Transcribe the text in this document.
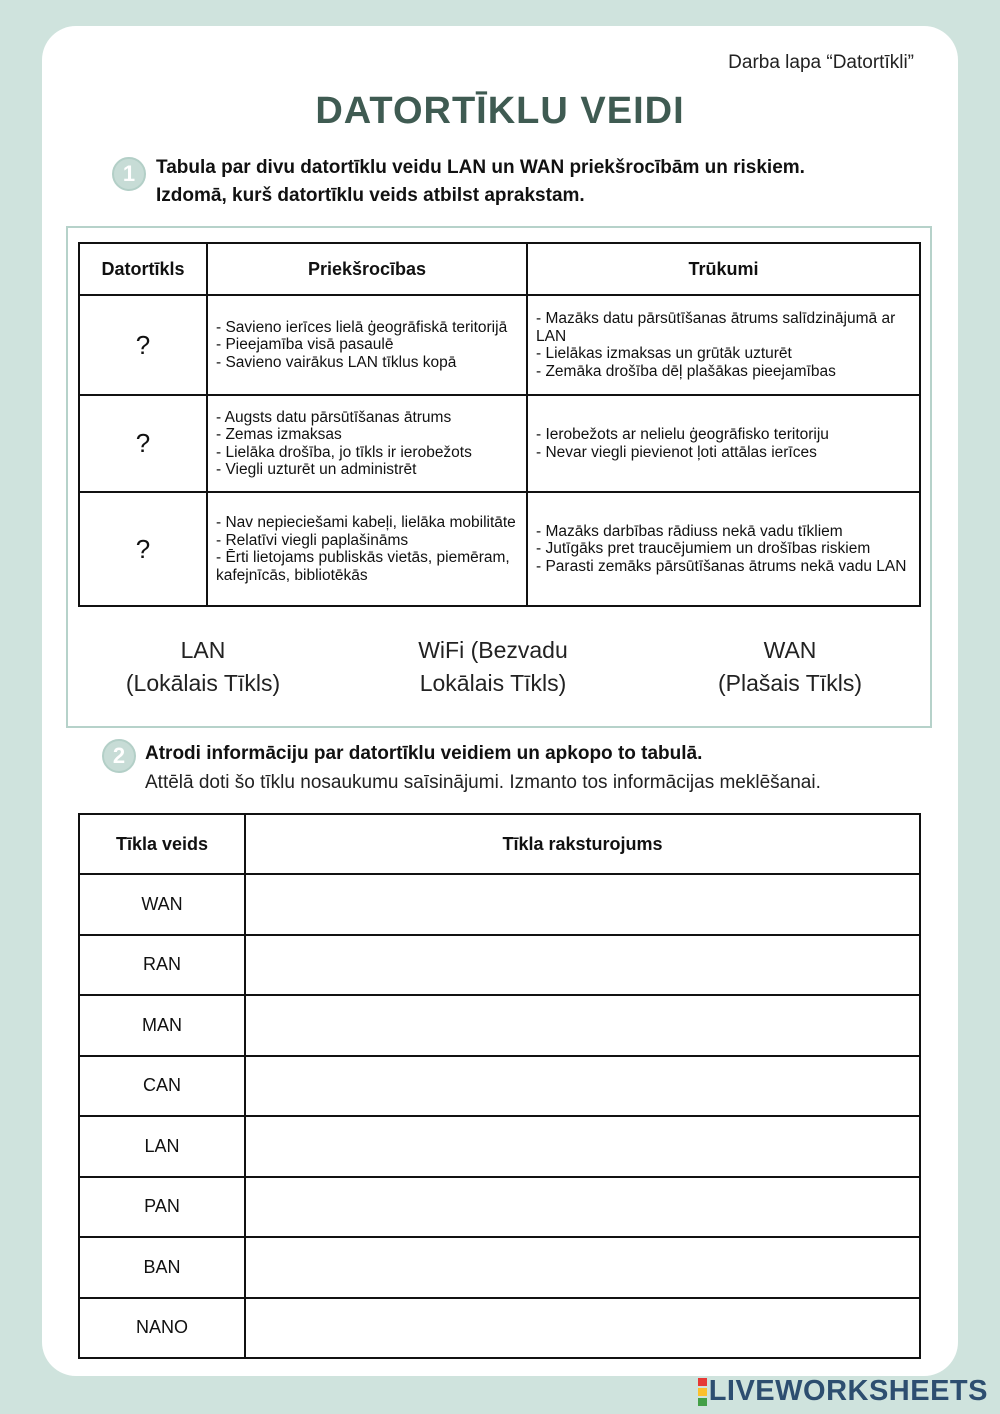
Darba lapa “Datortīkli”
DATORTĪKLU VEIDI
1	Tabula par divu datortīklu veidu LAN un WAN priekšrocībām un riskiem.
Izdomā, kurš datortīklu veids atbilst aprakstam.
Datortīkls	Priekšrocības	Trūkumi
?	- Savieno ierīces lielā ģeogrāfiskā teritorijā
- Pieejamība visā pasaulē
- Savieno vairākus LAN tīklus kopā	- Mazāks datu pārsūtīšanas ātrums salīdzinājumā ar LAN
- Lielākas izmaksas un grūtāk uzturēt
- Zemāka drošība dēļ plašākas pieejamības

?	- Augsts datu pārsūtīšanas ātrums
- Zemas izmaksas
- Lielāka drošība, jo tīkls ir ierobežots
- Viegli uzturēt un administrēt	- Ierobežots ar nelielu ģeogrāfisko teritoriju
- Nevar viegli pievienot ļoti attālas ierīces

?	- Nav nepieciešami kabeļi, lielāka mobilitāte
- Relatīvi viegli paplašināms
- Ērti lietojams publiskās vietās, piemēram, kafejnīcās, bibliotēkās	- Mazāks darbības rādiuss nekā vadu tīkliem
- Jutīgāks pret traucējumiem un drošības riskiem
- Parasti zemāks pārsūtīšanas ātrums nekā vadu LAN
LAN
(Lokālais Tīkls)
WiFi (Bezvadu
Lokālais Tīkls)
WAN
(Plašais Tīkls)
2	Atrodi informāciju par datortīklu veidiem un apkopo to tabulā.
Attēlā doti šo tīklu nosaukumu saīsinājumi. Izmanto tos informācijas meklēšanai.
Tīkla veids	Tīkla raksturojums
WAN	
RAN	
MAN	
CAN	
LAN	
PAN	
BAN	
NANO	
LIVEWORKSHEETS
